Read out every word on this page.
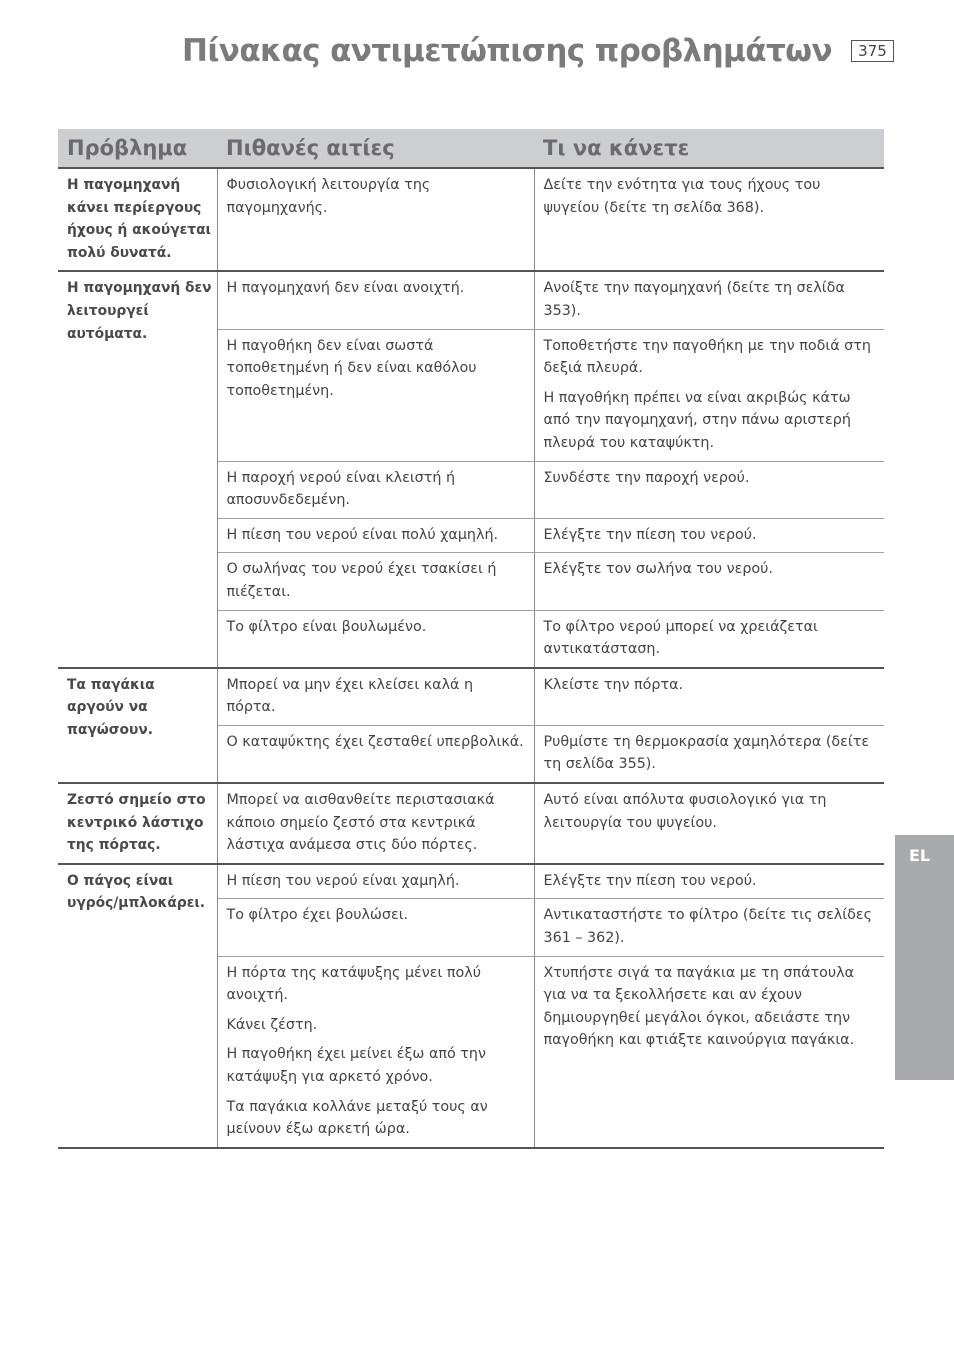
Πίνακας αντιμετώπισης προβλημάτων	375
EL
Πρόβλημα	Πιθανές αιτίες	Τι να κάνετε
Η παγομηχανή κάνει περίεργους ήχους ή ακούγεται πολύ δυνατά.	Φυσιολογική λειτουργία της παγομηχανής.	Δείτε την ενότητα για τους ήχους του ψυγείου (δείτε τη σελίδα 368).

Η παγομηχανή δεν λειτουργεί αυτόματα.	Η παγομηχανή δεν είναι ανοιχτή.	Ανοίξτε την παγομηχανή (δείτε τη σελίδα 353).

	Η παγοθήκη δεν είναι σωστά τοποθετημένη ή δεν είναι καθόλου τοποθετημένη.	Τοποθετήστε την παγοθήκη με την ποδιά στη δεξιά πλευρά.
Η παγοθήκη πρέπει να είναι ακριβώς κάτω από την παγομηχανή, στην πάνω αριστερή πλευρά του καταψύκτη.

	Η παροχή νερού είναι κλειστή ή αποσυνδεδεμένη.	Συνδέστε την παροχή νερού.

	Η πίεση του νερού είναι πολύ χαμηλή.	Ελέγξτε την πίεση του νερού.

	Ο σωλήνας του νερού έχει τσακίσει ή πιέζεται.	Ελέγξτε τον σωλήνα του νερού.

	Το φίλτρο είναι βουλωμένο.	Το φίλτρο νερού μπορεί να χρειάζεται αντικατάσταση.

Τα παγάκια αργούν να παγώσουν.	Μπορεί να μην έχει κλείσει καλά η πόρτα.	Κλείστε την πόρτα.

	Ο καταψύκτης έχει ζεσταθεί υπερβολικά.	Ρυθμίστε τη θερμοκρασία χαμηλότερα (δείτε τη σελίδα 355).

Ζεστό σημείο στο κεντρικό λάστιχο της πόρτας.	Μπορεί να αισθανθείτε περιστασιακά κάποιο σημείο ζεστό στα κεντρικά λάστιχα ανάμεσα στις δύο πόρτες.	Αυτό είναι απόλυτα φυσιολογικό για τη λειτουργία του ψυγείου.

Ο πάγος είναι υγρός/μπλοκάρει.	Η πίεση του νερού είναι χαμηλή.	Ελέγξτε την πίεση του νερού.

	Το φίλτρο έχει βουλώσει.	Αντικαταστήστε το φίλτρο (δείτε τις σελίδες 361 – 362).

	Η πόρτα της κατάψυξης μένει πολύ ανοιχτή.
Κάνει ζέστη.
Η παγοθήκη έχει μείνει έξω από την κατάψυξη για αρκετό χρόνο.
Τα παγάκια κολλάνε μεταξύ τους αν μείνουν έξω αρκετή ώρα.	Χτυπήστε σιγά τα παγάκια με τη σπάτουλα για να τα ξεκολλήσετε και αν έχουν δημιουργηθεί μεγάλοι όγκοι, αδειάστε την παγοθήκη και φτιάξτε καινούργια παγάκια.
